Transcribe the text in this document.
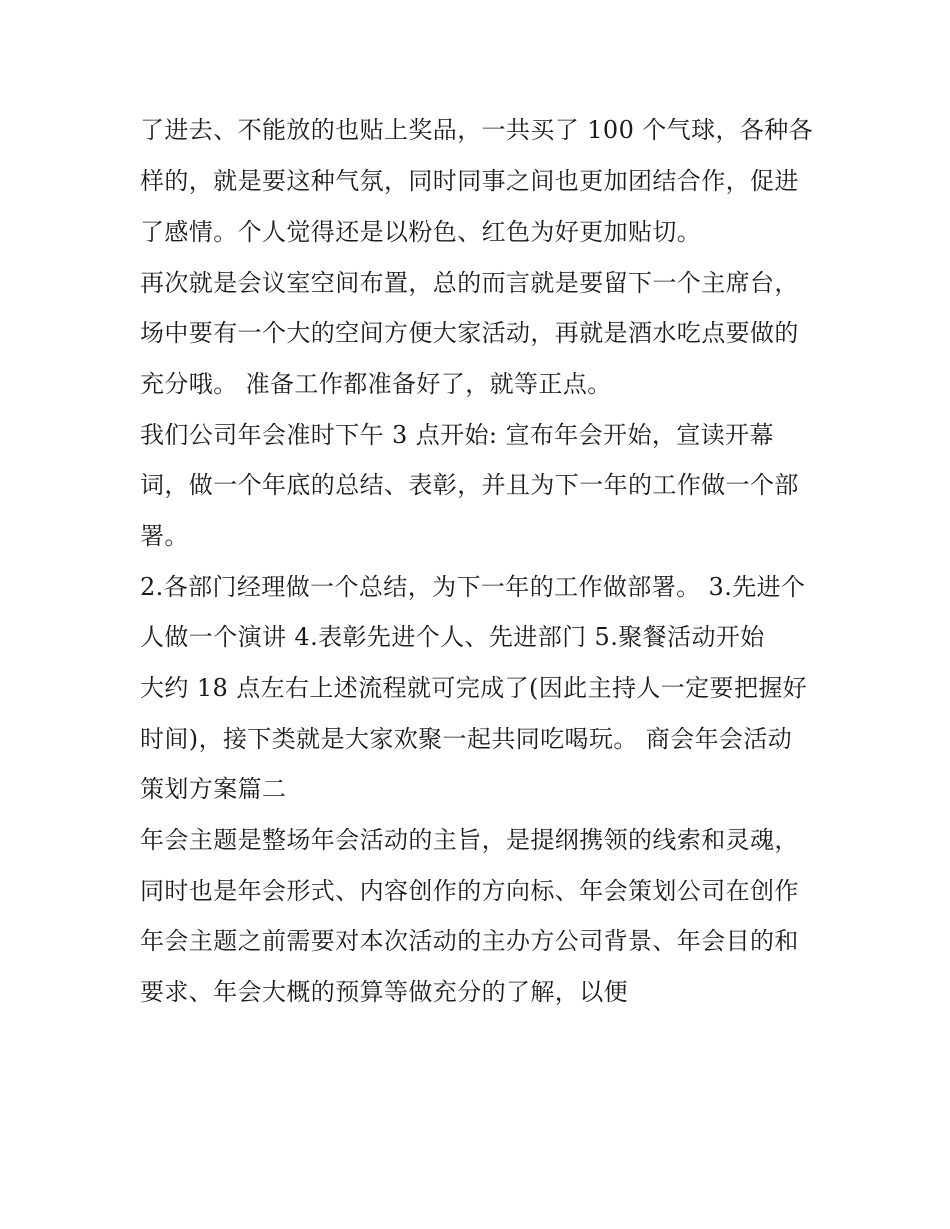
了进去、不能放的也贴上奖品，一共买了 100 个气球，各种各
样的，就是要这种气氛，同时同事之间也更加团结合作，促进
了感情。个人觉得还是以粉色、红色为好更加贴切。
再次就是会议室空间布置，总的而言就是要留下一个主席台，
场中要有一个大的空间方便大家活动，再就是酒水吃点要做的
充分哦。 准备工作都准备好了，就等正点。
我们公司年会准时下午 3 点开始: 宣布年会开始，宣读开幕
词，做一个年底的总结、表彰，并且为下一年的工作做一个部
署。
2.各部门经理做一个总结，为下一年的工作做部署。 3.先进个
人做一个演讲 4.表彰先进个人、先进部门 5.聚餐活动开始
大约 18 点左右上述流程就可完成了(因此主持人一定要把握好
时间)，接下类就是大家欢聚一起共同吃喝玩。 商会年会活动
策划方案篇二
年会主题是整场年会活动的主旨，是提纲携领的线索和灵魂，
同时也是年会形式、内容创作的方向标、年会策划公司在创作
年会主题之前需要对本次活动的主办方公司背景、年会目的和
要求、年会大概的预算等做充分的了解，以便
